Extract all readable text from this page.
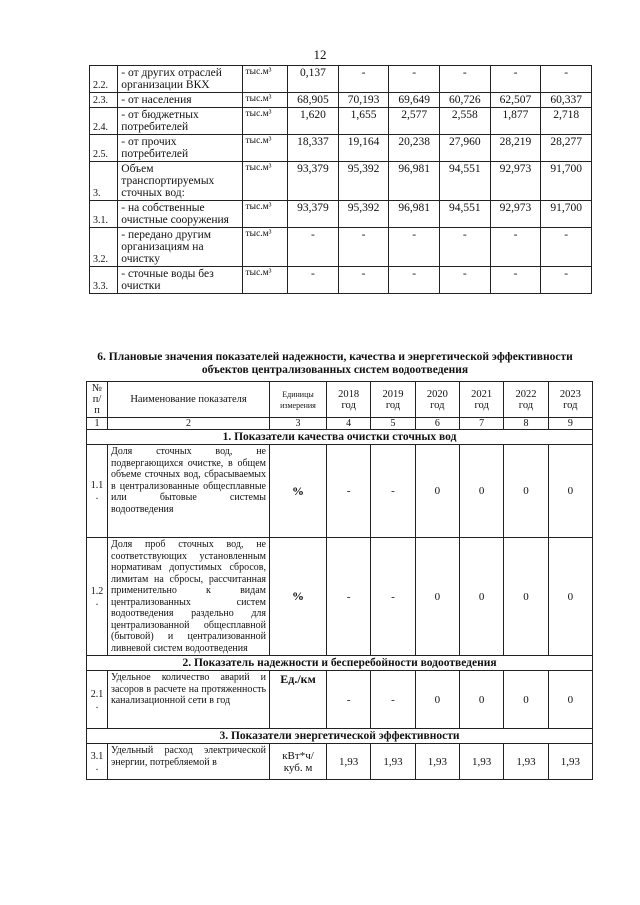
12
2.2.	- от других отраслей организации ВКХ	тыс.м³	0,137	-	-	-	-	-
2.3.	- от населения	тыс.м³	68,905	70,193	69,649	60,726	62,507	60,337
2.4.	- от бюджетных потребителей	тыс.м³	1,620	1,655	2,577	2,558	1,877	2,718
2.5.	- от прочих потребителей	тыс.м³	18,337	19,164	20,238	27,960	28,219	28,277
3.	Объем транспортируемых сточных вод:	тыс.м³	93,379	95,392	96,981	94,551	92,973	91,700
3.1.	- на собственные очистные сооружения	тыс.м³	93,379	95,392	96,981	94,551	92,973	91,700
3.2.	- передано другим организациям на очистку	тыс.м³	-	-	-	-	-	-
3.3.	- сточные воды без очистки	тыс.м³	-	-	-	-	-	-
6. Плановые значения показателей надежности, качества и энергетической эффективности объектов централизованных систем водоотведения
№ п/п	Наименование показателя	Единицы измерения	2018 год	2019 год	2020 год	2021 год	2022 год	2023 год
1	2	3	4	5	6	7	8	9
1. Показатели качества очистки сточных вод								
1.1 .	Доля сточных вод, не подвергающихся очистке, в общем объеме сточных вод, сбрасываемых в централизованные общесплавные или бытовые системы водоотведения	%	-	-	0	0	0	0
1.2 .	Доля проб сточных вод, не соответствующих установленным нормативам допустимых сбросов, лимитам на сбросы, рассчитанная применительно к видам централизованных систем водоотведения раздельно для централизованной общесплавной (бытовой) и централизованной ливневой систем водоотведения	%	-	-	0	0	0	0
2. Показатель надежности и бесперебойности водоотведения								
2.1 .	Удельное количество аварий и засоров в расчете на протяженность канализационной сети в год	Ед./км	-	-	0	0	0	0
3. Показатели энергетической эффективности								
3.1 .	Удельный расход электрической энергии, потребляемой в	кВт*ч/куб. м	1,93	1,93	1,93	1,93	1,93	1,93
